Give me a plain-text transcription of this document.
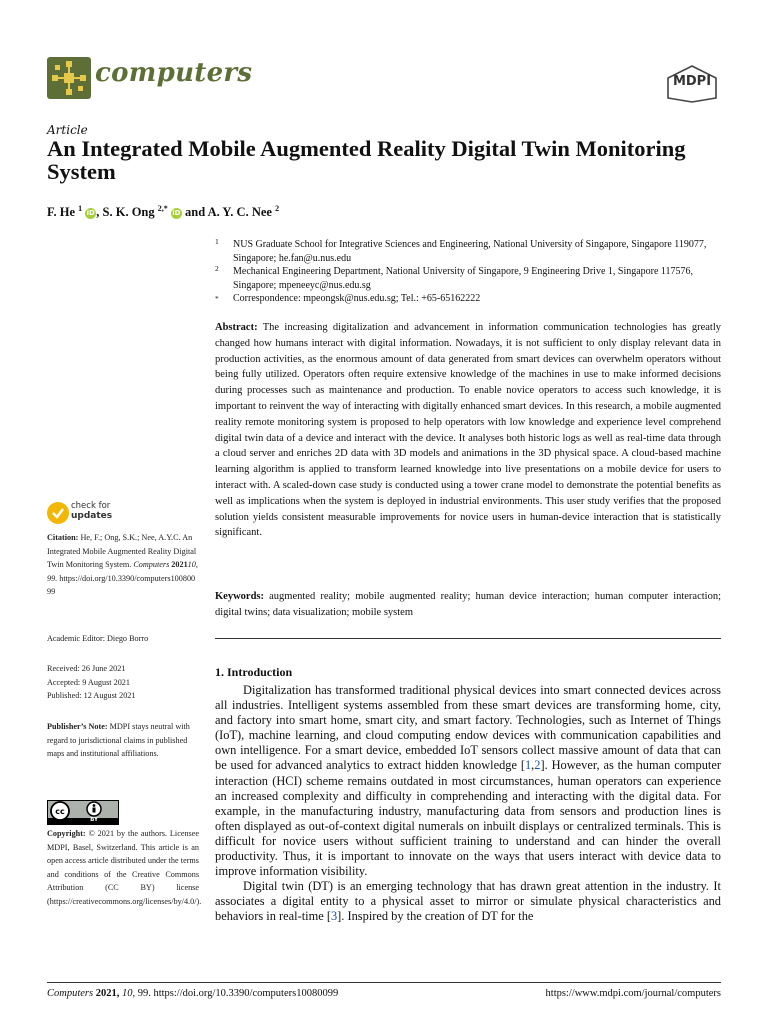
computers	MDPI
Article
An Integrated Mobile Augmented Reality Digital Twin Monitoring System
F. He $^1$ iD, S. K. Ong $^{2,*}$ iD and A. Y. C. Nee $^2$
1 NUS Graduate School for Integrative Sciences and Engineering, National University of Singapore, Singapore 119077, Singapore; he.fan@u.nus.edu
2 Mechanical Engineering Department, National University of Singapore, 9 Engineering Drive 1, Singapore 117576, Singapore; mpeneeyc@nus.edu.sg
* Correspondence: mpeongsk@nus.edu.sg; Tel.: +65-65162222
Abstract: The increasing digitalization and advancement in information communication technologies has greatly changed how humans interact with digital information. Nowadays, it is not sufficient to only display relevant data in production activities, as the enormous amount of data generated from smart devices can overwhelm operators without being fully utilized. Operators often require extensive knowledge of the machines in use to make informed decisions during processes such as maintenance and production. To enable novice operators to access such knowledge, it is important to reinvent the way of interacting with digitally enhanced smart devices. In this research, a mobile augmented reality remote monitoring system is proposed to help operators with low knowledge and experience level comprehend digital twin data of a device and interact with the device. It analyses both historic logs as well as real-time data through a cloud server and enriches 2D data with 3D models and animations in the 3D physical space. A cloud-based machine learning algorithm is applied to transform learned knowledge into live presentations on a mobile device for users to interact with. A scaled-down case study is conducted using a tower crane model to demonstrate the potential benefits as well as implications when the system is deployed in industrial environments. This user study verifies that the proposed solution yields consistent measurable improvements for novice users in human-device interaction that is statistically significant.
Keywords: augmented reality; mobile augmented reality; human device interaction; human computer interaction; digital twins; data visualization; mobile system
check for
updates
Citation: He, F.; Ong, S.K.; Nee, A.Y.C. An Integrated Mobile Augmented Reality Digital Twin Monitoring System. Computers 202110, 99. https://doi.org/10.3390/computers10080099
Academic Editor: Diego Borro
Received: 26 June 2021
Accepted: 9 August 2021
Published: 12 August 2021
Publisher’s Note: MDPI stays neutral with regard to jurisdictional claims in published maps and institutional affiliations.
cc
BY
Copyright: © 2021 by the authors. Licensee MDPI, Basel, Switzerland. This article is an open access article distributed under the terms and conditions of the Creative Commons Attribution (CC BY) license (https://creativecommons.org/licenses/by/4.0/).
1. Introduction

Digitalization has transformed traditional physical devices into smart connected devices across all industries. Intelligent systems assembled from these smart devices are transforming home, city, and factory into smart home, smart city, and smart factory. Technologies, such as Internet of Things (IoT), machine learning, and cloud computing endow devices with communication capabilities and own intelligence. For a smart device, embedded IoT sensors collect massive amount of data that can be used for advanced analytics to extract hidden knowledge [1,2]. However, as the human computer interaction (HCI) scheme remains outdated in most circumstances, human operators can experience an increased complexity and difficulty in comprehending and interacting with the digital data. For example, in the manufacturing industry, manufacturing data from sensors and production lines is often displayed as out-of-context digital numerals on inbuilt displays or centralized terminals. This is difficult for novice users without sufficient training to understand and can hinder the overall productivity. Thus, it is important to innovate on the ways that users interact with device data to improve information visibility.

Digital twin (DT) is an emerging technology that has drawn great attention in the industry. It associates a digital entity to a physical asset to mirror or simulate physical characteristics and behaviors in real-time [3]. Inspired by the creation of DT for the

Computers 2021, 10, 99. https://doi.org/10.3390/computers10080099	https://www.mdpi.com/journal/computers
